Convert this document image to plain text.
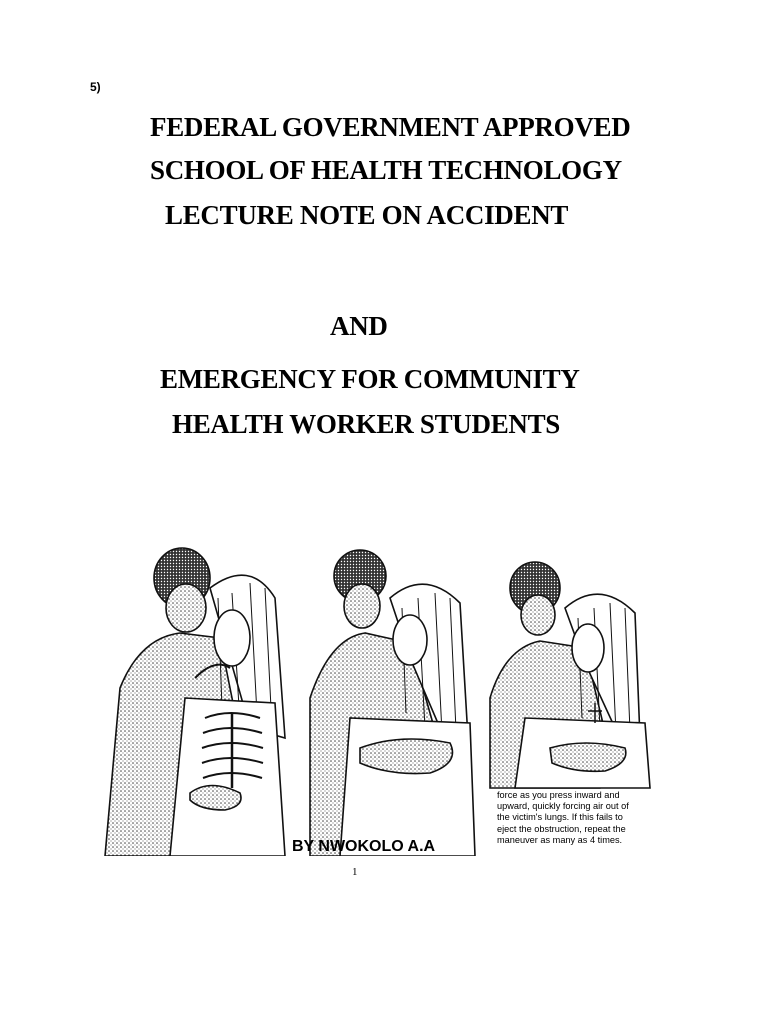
5)
FEDERAL GOVERNMENT APPROVED
SCHOOL OF HEALTH TECHNOLOGY
LECTURE NOTE ON ACCIDENT
AND
EMERGENCY FOR COMMUNITY
HEALTH WORKER STUDENTS
force as you press inward and
upward, quickly forcing air out of
the victim's lungs. If this fails to
eject the obstruction, repeat the
maneuver as many as 4 times.
BY NWOKOLO A.A
1
